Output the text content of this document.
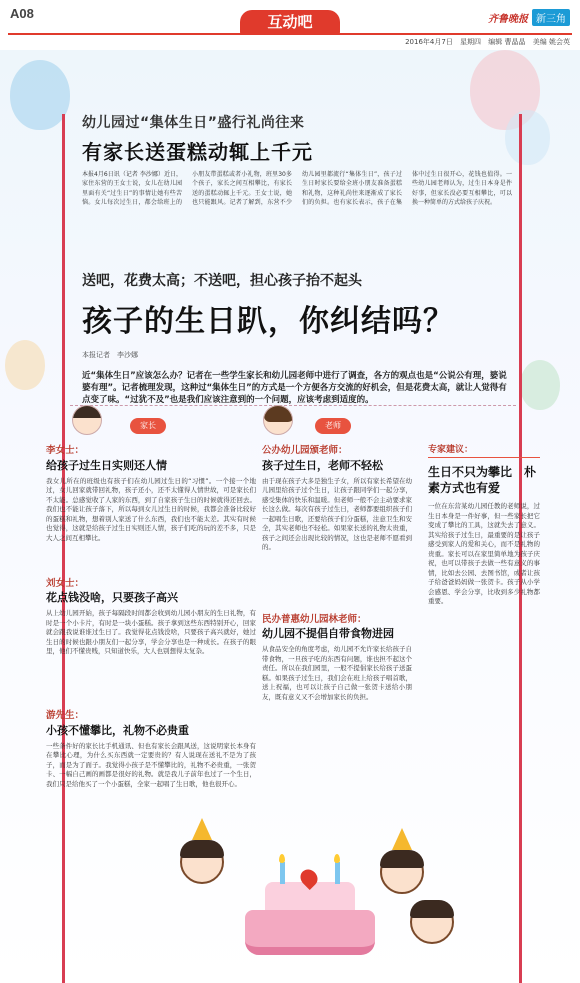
A08	互动吧	齐鲁晚报 新三角
2016年4月7日 星期四 编辑 曹晶晶 美编 姚会英
幼儿园过“集体生日”盛行礼尚往来
有家长送蛋糕动辄上千元
本报4月6日讯（记者 李沙娜）近日，家住东营的王女士说，女儿在幼儿园里面有关“过生日”的事情让她有些苦恼。女儿每次过生日，都会给班上的小朋友带蛋糕或者小礼物，班里30多个孩子，家长之间互相攀比，有家长送的蛋糕动辄上千元。王女士说，她也只能跟风。记者了解到，东营不少幼儿园里都流行“集体生日”，孩子过生日时家长要给全班小朋友准备蛋糕和礼物，这种礼尚往来逐渐成了家长们的负担。也有家长表示，孩子在集体中过生日很开心，花钱也值得。一些幼儿园老师认为，过生日本身是件好事，但家长没必要互相攀比，可以换一种简单的方式给孩子庆祝。
送吧，花费太高；不送吧，担心孩子抬不起头
孩子的生日趴，你纠结吗？
本报记者　李沙娜
近“集体生日”应该怎么办？记者在一些学生家长和幼儿园老师中进行了调查，各方的观点也是“公说公有理，婆说婆有理”。记者梳理发现，这种过“集体生日”的方式是一个方便各方交流的好机会，但是花费太高，就让人觉得有点变了味。“过犹不及”也是我们应该注意到的一个问题，应该考虑到适度的。
家长	老师
李女士：
给孩子过生日实则还人情
我女儿所在的班级也有孩子们在幼儿园过生日的“习惯”。一个接一个地过，女儿回家就带回礼物，孩子还小，还不太懂得人情世故，可是家长们不太能。总感觉收了人家的东西，到了自家孩子生日的时候就得还回去。我们也不能让孩子落下，所以每到女儿过生日的时候，我都会准备比较好的蛋糕和礼物，想着别人家送了什么东西，我们也不能太差。其实有时候也觉得，这就是给孩子过生日实则还人情，孩子们吃的玩的差不多，只是大人之间互相攀比。
刘女士：
花点钱没啥，只要孩子高兴
从上幼儿园开始，孩子每隔段时间都会收到幼儿园小朋友的生日礼物，有时是一个小卡片，有时是一块小蛋糕。孩子拿到这些东西特别开心，回家就会跟我说谁谁过生日了。我觉得花点钱没啥，只要孩子高兴就好，她过生日的时候也跟小朋友们一起分享，学会分享也是一种成长。在孩子的眼里，他们不懂贵贱，只知道快乐，大人也别想得太复杂。
游先生：
小孩不懂攀比，礼物不必贵重
一些条件好的家长比手机通讯、但也有家长会跟风送，这说明家长本身有在攀比心理，为什么买东西就一定要贵的？有人说现在送礼不是为了孩子，而是为了面子。我觉得小孩子是不懂攀比的，礼物不必贵重，一张贺卡、一幅自己画的画都是很好的礼物。就是我儿子前年也过了一个生日，我们只是给他买了一个小蛋糕，全家一起唱了生日歌，他也很开心。
公办幼儿园颁老师：
孩子过生日，老师不轻松
由于现在孩子大多是独生子女，所以有家长希望在幼儿园里给孩子过个生日，让孩子跟同学们一起分享，感受集体的快乐和温暖。但老师一般不会主动要求家长这么做。每次有孩子过生日，老师都要组织孩子们一起唱生日歌，还要给孩子们分蛋糕，注意卫生和安全，其实老师也不轻松。如果家长送的礼物太贵重，孩子之间还会出现比较的情况，这也是老师不愿看到的。
民办普惠幼儿园林老师：
幼儿园不提倡自带食物进园
从食品安全的角度考虑，幼儿园不允许家长给孩子自带食物，一旦孩子吃的东西有问题，谁也担不起这个责任。所以在我们园里，一般不提倡家长给孩子送蛋糕。如果孩子过生日，我们会在班上给孩子唱首歌，送上祝福，也可以让孩子自己做一张贺卡送给小朋友，既有意义又不会增加家长的负担。
专家建议：
生日不只为攀比　朴素方式也有爱
一位在东营某幼儿园任教的老师说，过生日本身是一件好事，但一些家长把它变成了攀比的工具，这就失去了意义。其实给孩子过生日，最重要的是让孩子感受到家人的爱和关心，而不是礼物的贵重。家长可以在家里简单地为孩子庆祝，也可以带孩子去做一些有意义的事情，比如去公园、去图书馆，或者让孩子给爸爸妈妈做一张贺卡。孩子从小学会感恩、学会分享，比收到多少礼物都重要。
